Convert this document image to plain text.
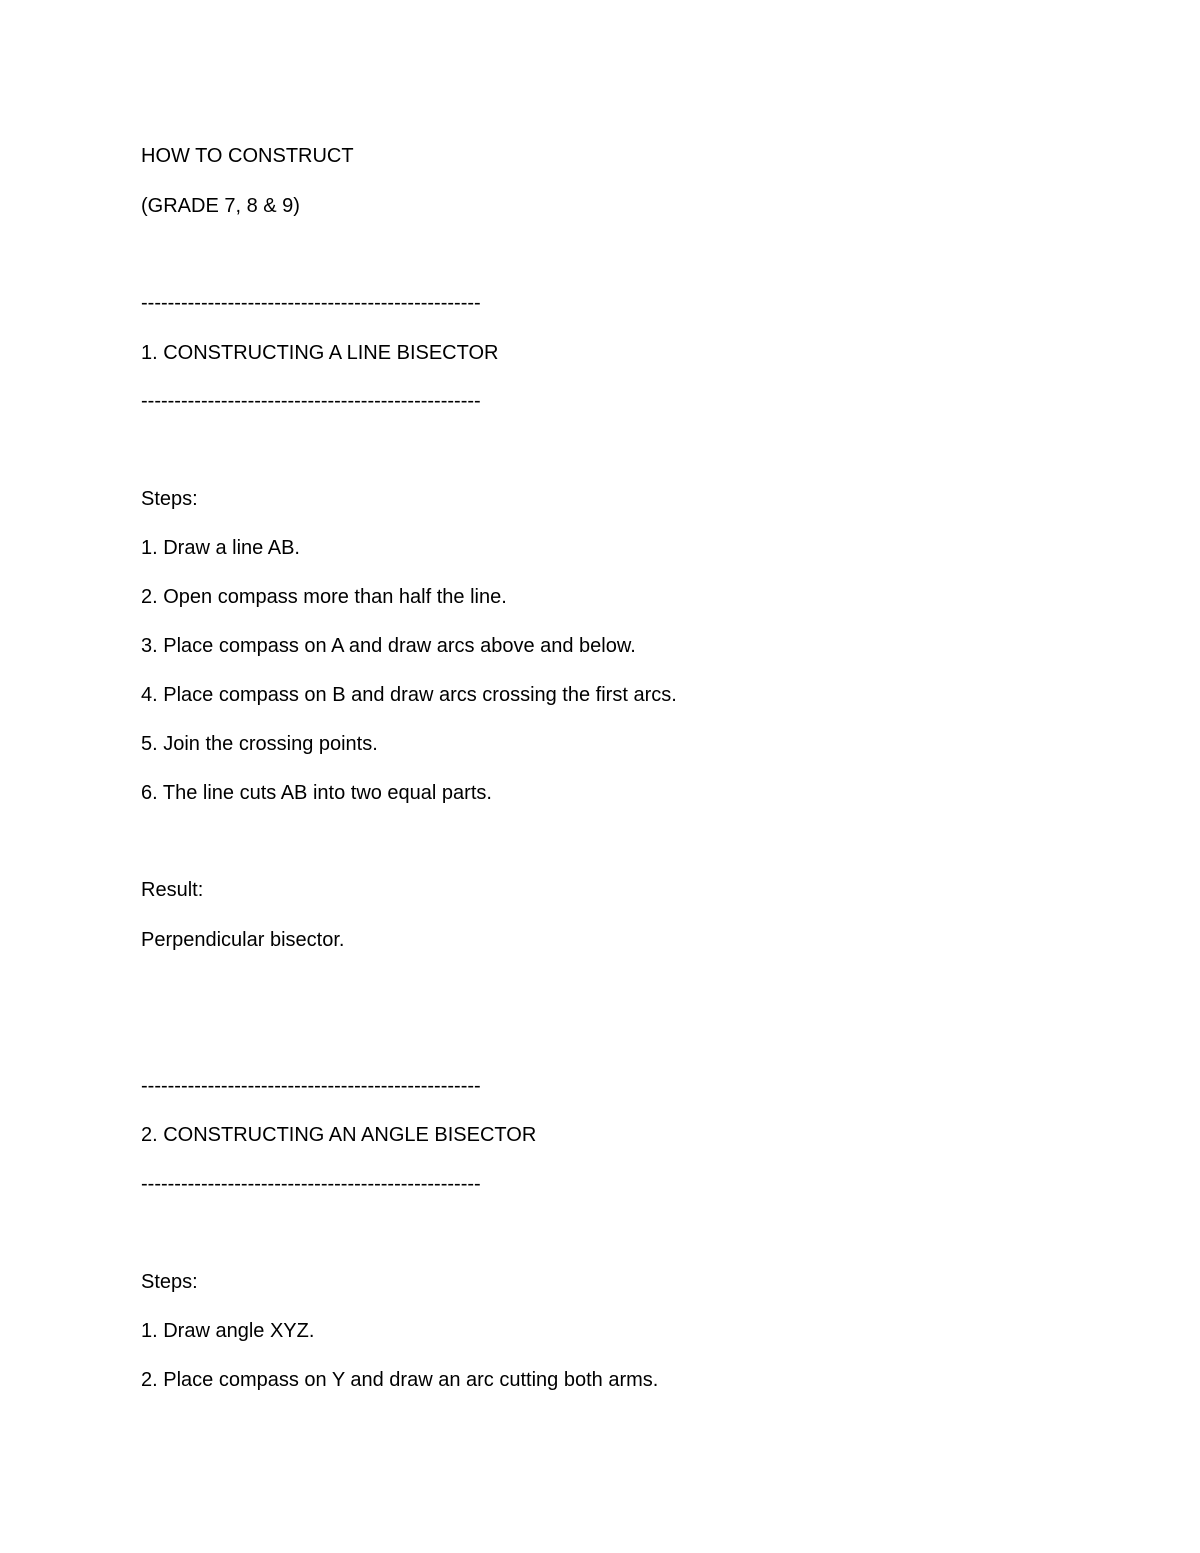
HOW TO CONSTRUCT
(GRADE 7, 8 & 9)
---------------------------------------------------
1. CONSTRUCTING A LINE BISECTOR
---------------------------------------------------
Steps:
1. Draw a line AB.
2. Open compass more than half the line.
3. Place compass on A and draw arcs above and below.
4. Place compass on B and draw arcs crossing the first arcs.
5. Join the crossing points.
6. The line cuts AB into two equal parts.
Result:
Perpendicular bisector.
---------------------------------------------------
2. CONSTRUCTING AN ANGLE BISECTOR
---------------------------------------------------
Steps:
1. Draw angle XYZ.
2. Place compass on Y and draw an arc cutting both arms.
